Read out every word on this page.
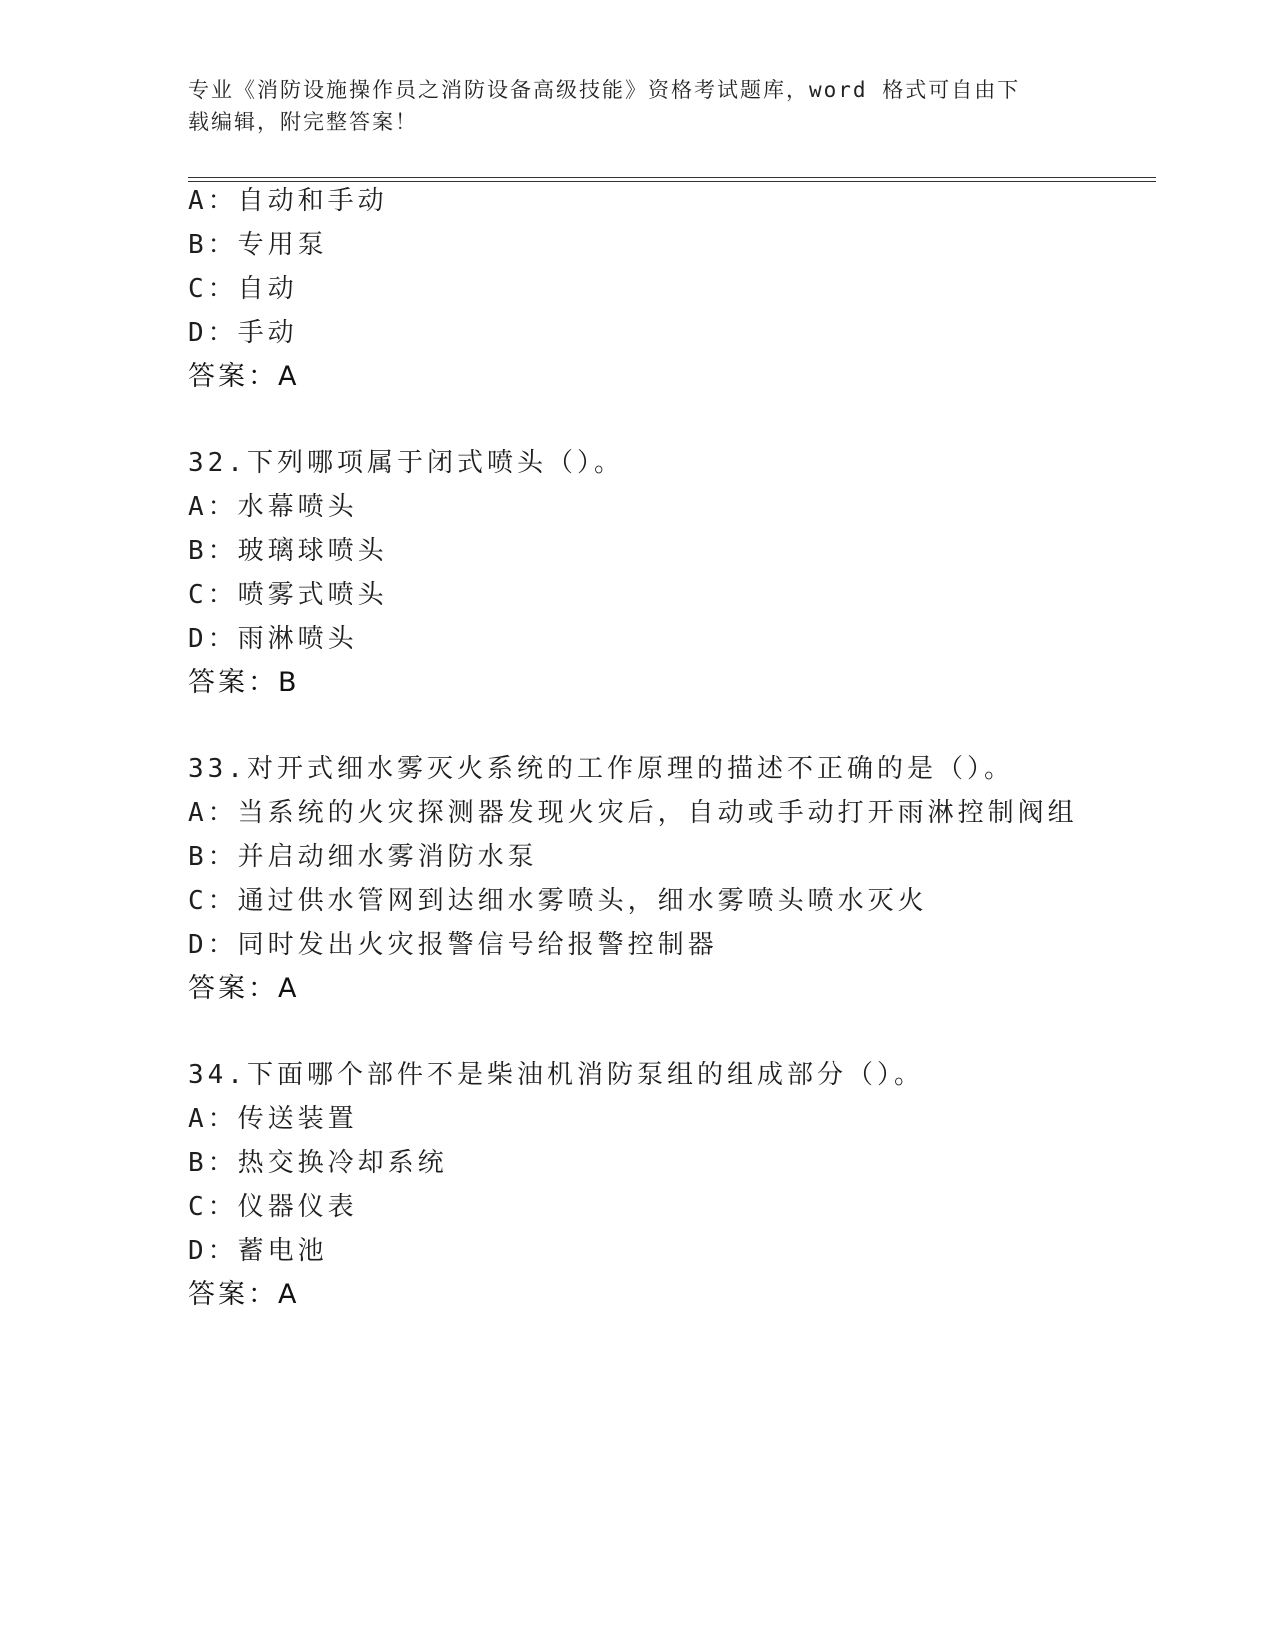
专业《消防设施操作员之消防设备高级技能》资格考试题库，word 格式可自由下
载编辑，附完整答案！
A：自动和手动
B：专用泵
C：自动
D：手动
答案：A
32.下列哪项属于闭式喷头（）。
A：水幕喷头
B：玻璃球喷头
C：喷雾式喷头
D：雨淋喷头
答案：B
33.对开式细水雾灭火系统的工作原理的描述不正确的是（）。
A：当系统的火灾探测器发现火灾后，自动或手动打开雨淋控制阀组
B：并启动细水雾消防水泵
C：通过供水管网到达细水雾喷头，细水雾喷头喷水灭火
D：同时发出火灾报警信号给报警控制器
答案：A
34.下面哪个部件不是柴油机消防泵组的组成部分（）。
A：传送装置
B：热交换冷却系统
C：仪器仪表
D：蓄电池
答案：A
